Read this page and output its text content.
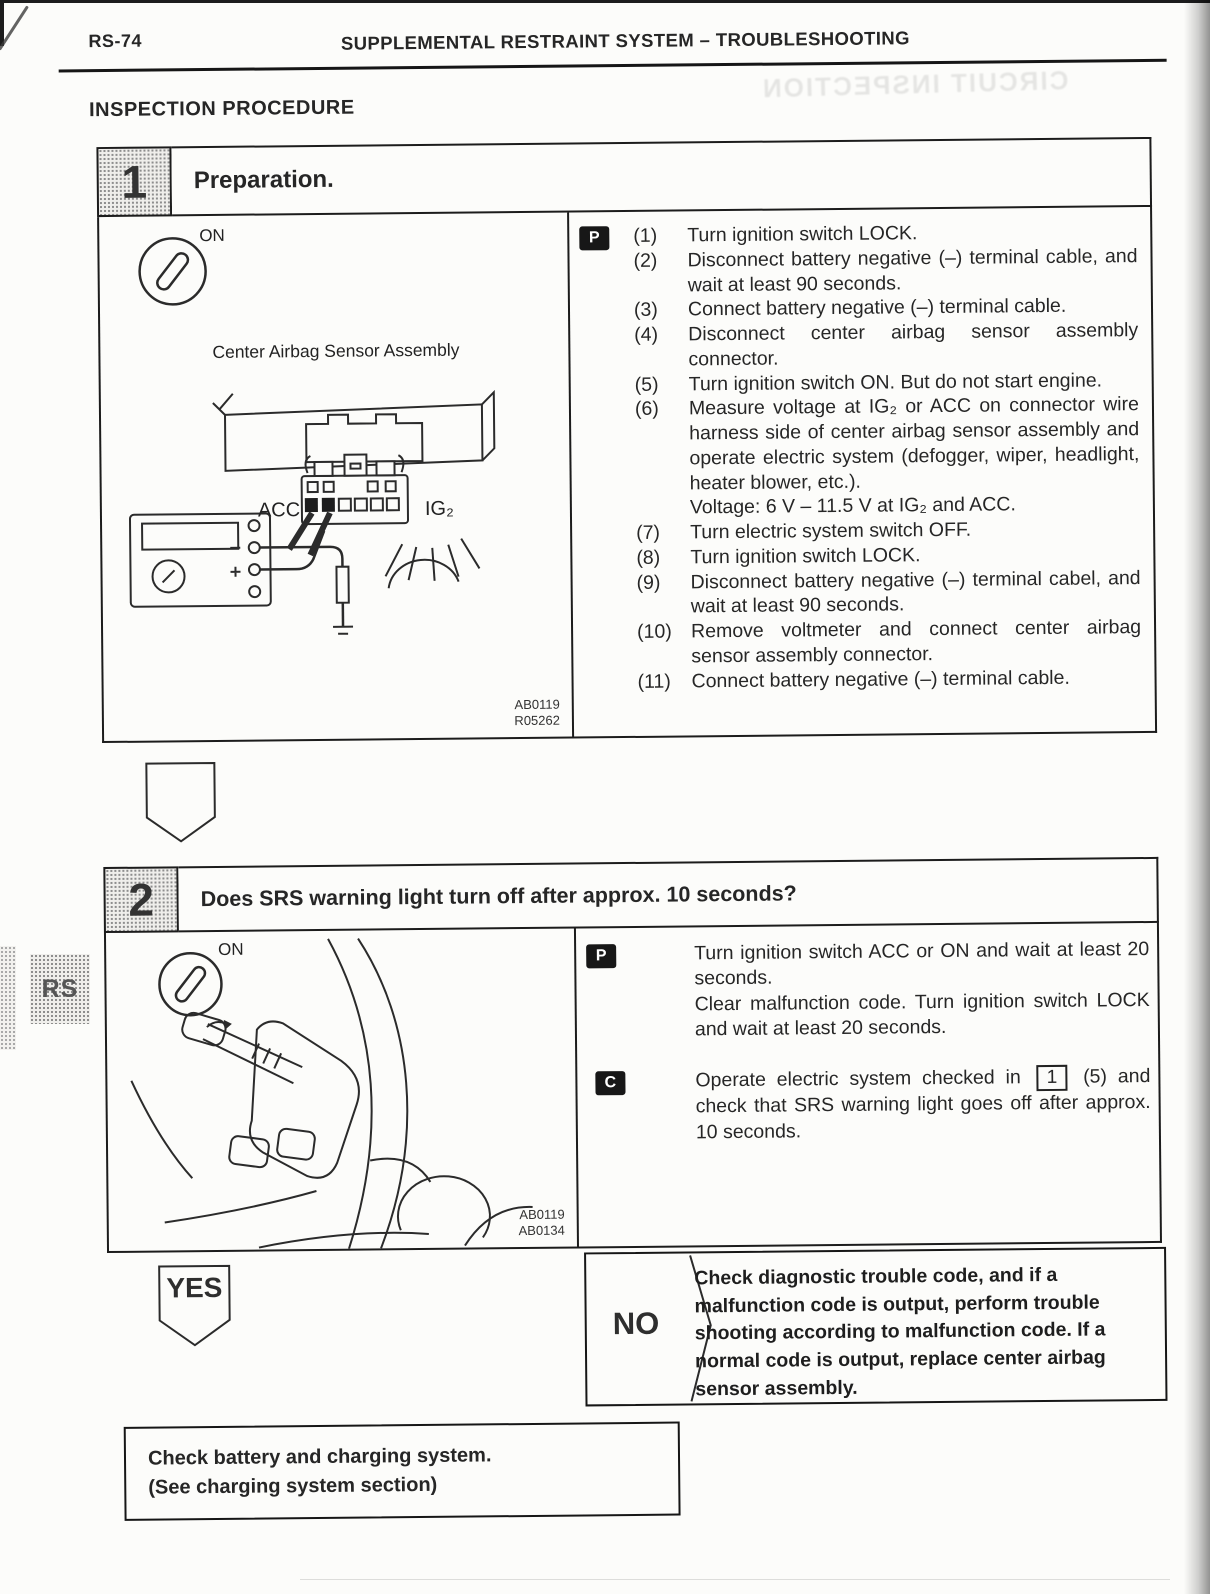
RS
CIRCUIT INSPECTION
RS-74	SUPPLEMENTAL RESTRAINT SYSTEM – TROUBLESHOOTING
INSPECTION PROCEDURE
1 Preparation.
ON
Center Airbag Sensor Assembly
ACC	IG₂
AB0119
R05262
P	(1)	Turn ignition switch LOCK.
(2)	Disconnect battery negative (–) terminal cable, and wait at least 90 seconds.
(3)	Connect battery negative (–) terminal cable.
(4)	Disconnect center airbag sensor assembly connector.
(5)	Turn ignition switch ON. But do not start engine.
(6)	Measure voltage at IG₂ or ACC on connector wire harness side of center airbag sensor assembly and operate electric system (defogger, wiper, headlight, heater blower, etc.).
Voltage: 6 V – 11.5 V at IG₂ and ACC.
(7)	Turn electric system switch OFF.
(8)	Turn ignition switch LOCK.
(9)	Disconnect battery negative (–) terminal cabel, and wait at least 90 seconds.
(10) Remove voltmeter and connect center airbag sensor assembly connector.
(11)	Connect battery negative (–) terminal cable.
2 Does SRS warning light turn off after approx. 10 seconds?
ON
AB0119
AB0134
P	Turn ignition switch ACC or ON and wait at least 20 seconds.

Clear malfunction code. Turn ignition switch LOCK and wait at least 20 seconds.

C	Operate electric system checked in 1 (5) and check that SRS warning light goes off after approx. 10 seconds.
YES
NO
Check diagnostic trouble code, and if a malfunction code is output, perform trouble shooting according to malfunction code. If a normal code is output, replace center airbag sensor assembly.
Check battery and charging system.
(See charging system section)
